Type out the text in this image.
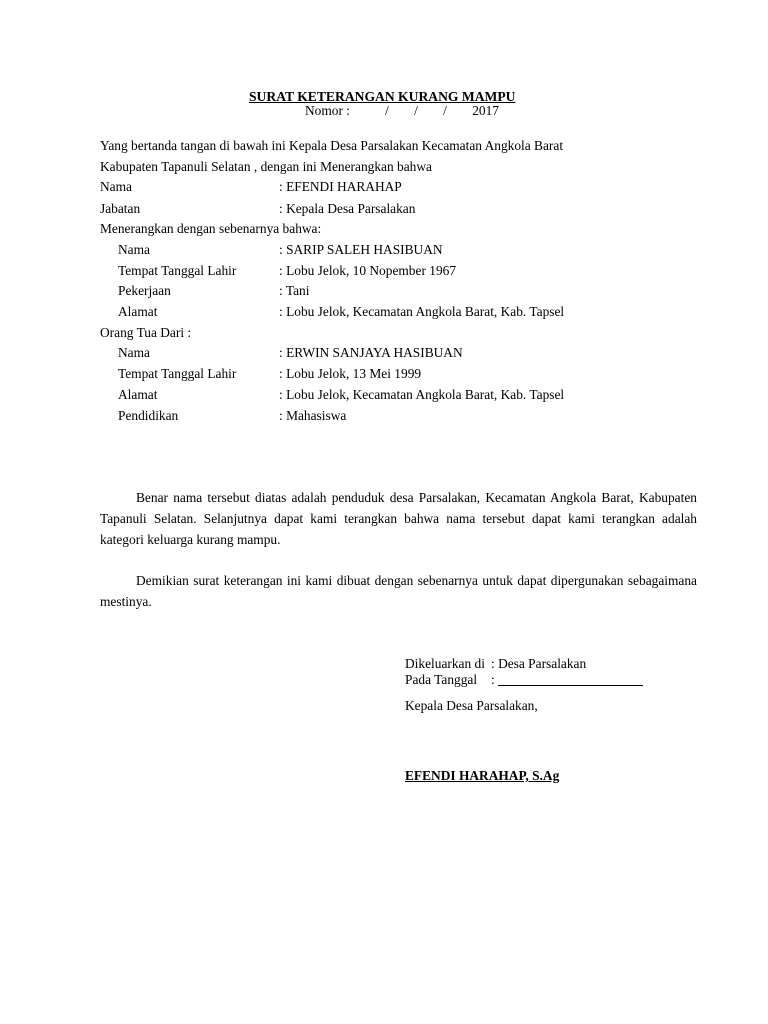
SURAT KETERANGAN KURANG MAMPU
Nomor :	/ / / 2017
Yang bertanda tangan di bawah ini Kepala Desa Parsalakan Kecamatan Angkola Barat
Kabupaten Tapanuli Selatan , dengan ini Menerangkan bahwa
Nama	: EFENDI HARAHAP
Jabatan	: Kepala Desa Parsalakan
Menerangkan dengan sebenarnya bahwa:
Nama	: SARIP SALEH HASIBUAN
Tempat Tanggal Lahir	: Lobu Jelok, 10 Nopember 1967
Pekerjaan	: Tani
Alamat	: Lobu Jelok, Kecamatan Angkola Barat, Kab. Tapsel
Orang Tua Dari :
Nama	: ERWIN SANJAYA HASIBUAN
Tempat Tanggal Lahir	: Lobu Jelok, 13 Mei 1999
Alamat	: Lobu Jelok, Kecamatan Angkola Barat, Kab. Tapsel
Pendidikan	: Mahasiswa
Benar nama tersebut diatas adalah penduduk desa Parsalakan, Kecamatan Angkola Barat, Kabupaten Tapanuli Selatan. Selanjutnya dapat kami terangkan bahwa nama tersebut dapat kami terangkan adalah kategori keluarga kurang mampu.
Demikian surat keterangan ini kami dibuat dengan sebenarnya untuk dapat dipergunakan sebagaimana mestinya.
Dikeluarkan di : Desa Parsalakan
Pada Tanggal :
Kepala Desa Parsalakan,
EFENDI HARAHAP, S.Ag
